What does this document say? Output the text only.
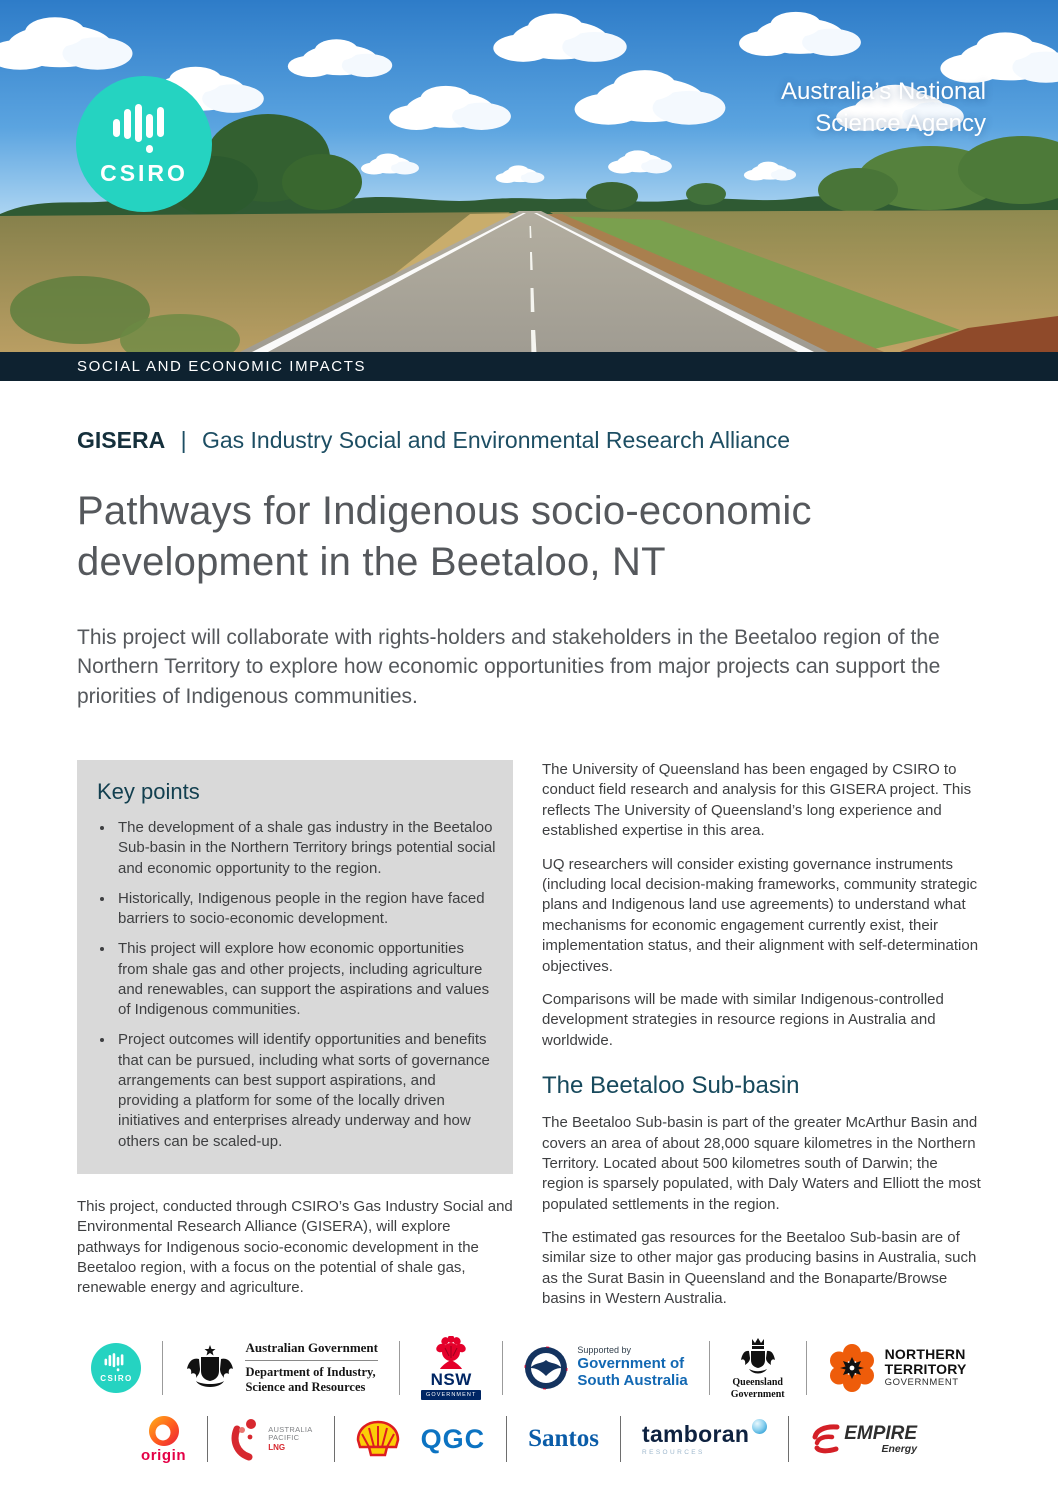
CSIRO
Australia’s National
Science Agency
SOCIAL AND ECONOMIC IMPACTS
GISERA | Gas Industry Social and Environmental Research Alliance
Pathways for Indigenous socio-economic development in the Beetaloo, NT

This project will collaborate with rights-holders and stakeholders in the Beetaloo region of the Northern Territory to explore how economic opportunities from major projects can support the priorities of Indigenous communities.

Key points
• The development of a shale gas industry in the Beetaloo Sub-basin in the Northern Territory brings potential social and economic opportunity to the region.
• Historically, Indigenous people in the region have faced barriers to socio-economic development.
• This project will explore how economic opportunities from shale gas and other projects, including agriculture and renewables, can support the aspirations and values of Indigenous communities.
• Project outcomes will identify opportunities and benefits that can be pursued, including what sorts of governance arrangements can best support aspirations, and providing a platform for some of the locally driven initiatives and enterprises already underway and how others can be scaled-up.

This project, conducted through CSIRO’s Gas Industry Social and Environmental Research Alliance (GISERA), will explore pathways for Indigenous socio-economic development in the Beetaloo region, with a focus on the potential of shale gas, renewable energy and agriculture.

The University of Queensland has been engaged by CSIRO to conduct field research and analysis for this GISERA project. This reflects The University of Queensland’s long experience and established expertise in this area.

UQ researchers will consider existing governance instruments (including local decision-making frameworks, community strategic plans and Indigenous land use agreements) to understand what mechanisms for economic engagement currently exist, their implementation status, and their alignment with self-determination objectives.

Comparisons will be made with similar Indigenous-controlled development strategies in resource regions in Australia and worldwide.

The Beetaloo Sub-basin

The Beetaloo Sub-basin is part of the greater McArthur Basin and covers an area of about 28,000 square kilometres in the Northern Territory. Located about 500 kilometres south of Darwin; the region is sparsely populated, with Daly Waters and Elliott the most populated settlements in the region.

The estimated gas resources for the Beetaloo Sub-basin are of similar size to other major gas producing basins in Australia, such as the Surat Basin in Queensland and the Bonaparte/Browse basins in Western Australia.

CSIRO
Australian Government
Department of Industry,
Science and Resources	NSW
GOVERNMENT
Supported by
Government of
South Australia	Queensland
Government
NORTHERN
TERRITORY
GOVERNMENT
origin
AUSTRALIA
PACIFIC
LNG	QGC Santos tamboran
RESOURCES
EMPIRE
Energy
